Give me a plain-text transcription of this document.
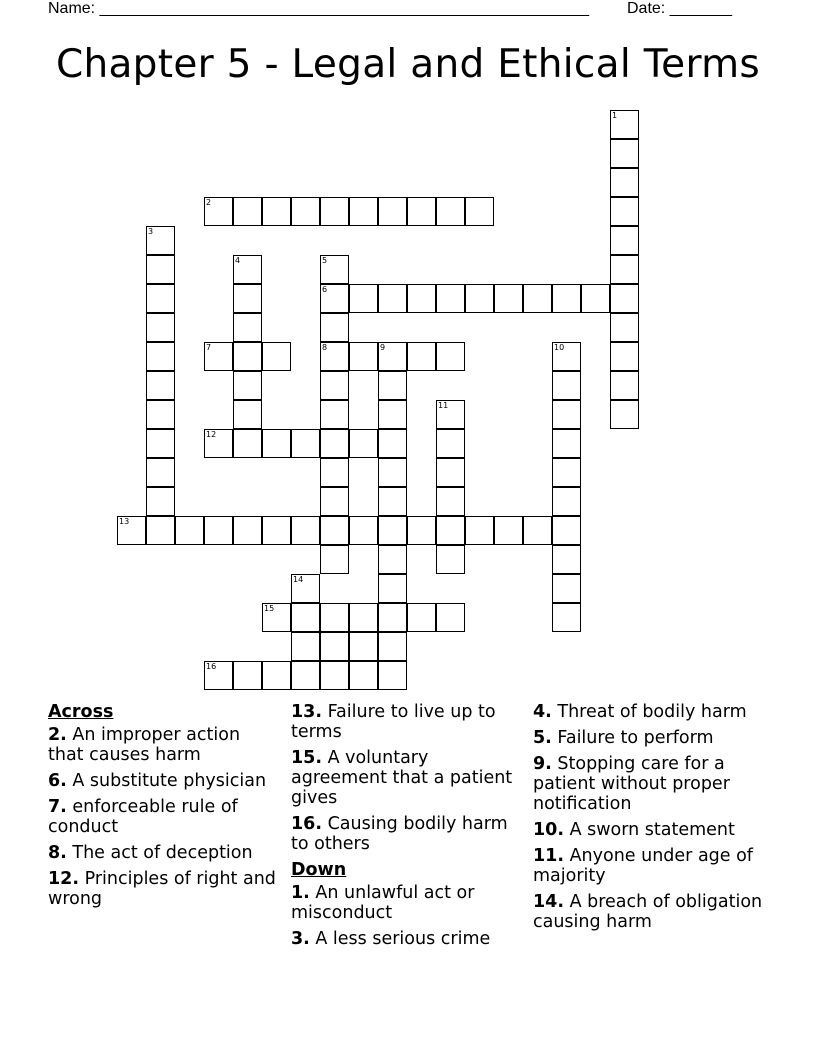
Name: _______________________________________________________ Date: _______
Chapter 5 - Legal and Ethical Terms
1
2
3
4	5
6
8
7	9	10
11
12
13
14
15
16
Across
2. An improper action that causes harm
6. A substitute physician
7. enforceable rule of conduct
8. The act of deception
12. Principles of right and wrong
13. Failure to live up to terms
15. A voluntary agreement that a patient gives
16. Causing bodily harm to others
Down
1. An unlawful act or misconduct
3. A less serious crime
4. Threat of bodily harm
5. Failure to perform
9. Stopping care for a patient without proper notification
10. A sworn statement
11. Anyone under age of majority
14. A breach of obligation causing harm
